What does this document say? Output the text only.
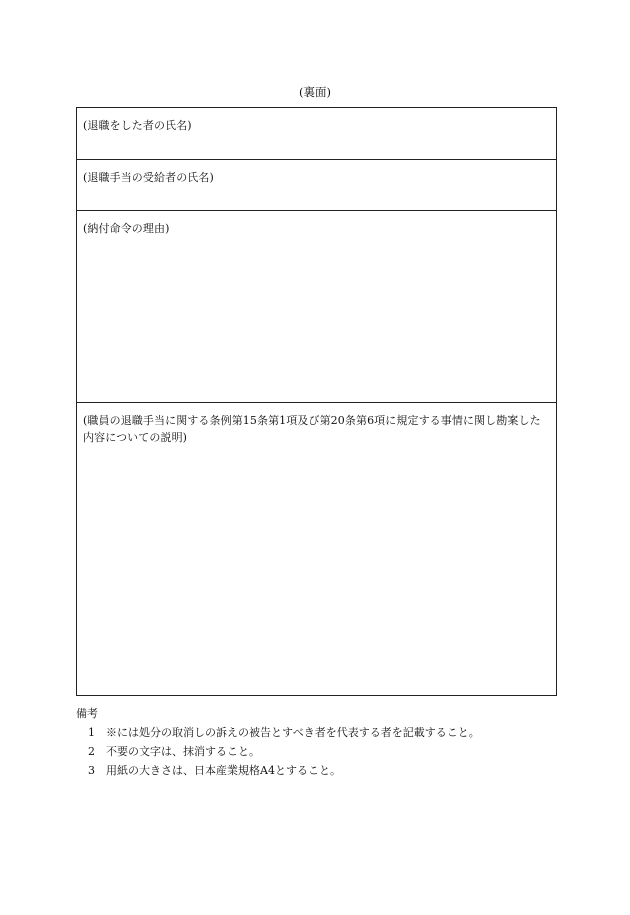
(裏面)
(退職をした者の氏名)
(退職手当の受給者の氏名)
(納付命令の理由)
(職員の退職手当に関する条例第15条第1項及び第20条第6項に規定する事情に関し勘案した内容についての説明)
備考
1	※には処分の取消しの訴えの被告とすべき者を代表する者を記載すること。
2	不要の文字は、抹消すること。
3	用紙の大きさは、日本産業規格A4とすること。
